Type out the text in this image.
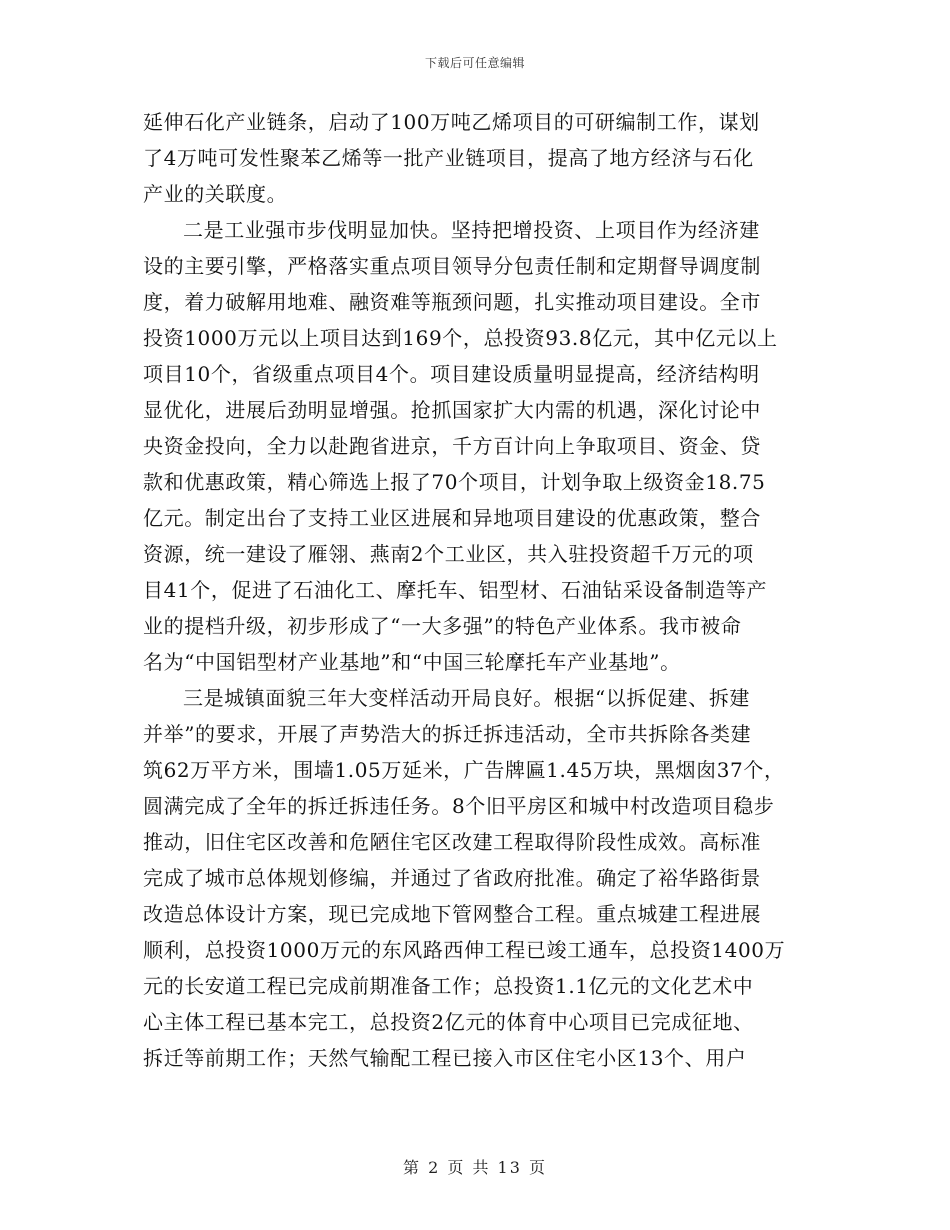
下载后可任意编辑
延伸石化产业链条，启动了100万吨乙烯项目的可研编制工作，谋划
了4万吨可发性聚苯乙烯等一批产业链项目，提高了地方经济与石化
产业的关联度。
二是工业强市步伐明显加快。坚持把增投资、上项目作为经济建
设的主要引擎，严格落实重点项目领导分包责任制和定期督导调度制
度，着力破解用地难、融资难等瓶颈问题，扎实推动项目建设。全市
投资1000万元以上项目达到169个，总投资93.8亿元，其中亿元以上
项目10个，省级重点项目4个。项目建设质量明显提高，经济结构明
显优化，进展后劲明显增强。抢抓国家扩大内需的机遇，深化讨论中
央资金投向，全力以赴跑省进京，千方百计向上争取项目、资金、贷
款和优惠政策，精心筛选上报了70个项目，计划争取上级资金18.75
亿元。制定出台了支持工业区进展和异地项目建设的优惠政策，整合
资源，统一建设了雁翎、燕南2个工业区，共入驻投资超千万元的项
目41个，促进了石油化工、摩托车、铝型材、石油钻采设备制造等产
业的提档升级，初步形成了“一大多强”的特色产业体系。我市被命
名为“中国铝型材产业基地”和“中国三轮摩托车产业基地”。
三是城镇面貌三年大变样活动开局良好。根据“以拆促建、拆建
并举”的要求，开展了声势浩大的拆迁拆违活动，全市共拆除各类建
筑62万平方米，围墙1.05万延米，广告牌匾1.45万块，黑烟囱37个，
圆满完成了全年的拆迁拆违任务。8个旧平房区和城中村改造项目稳步
推动，旧住宅区改善和危陋住宅区改建工程取得阶段性成效。高标准
完成了城市总体规划修编，并通过了省政府批准。确定了裕华路街景
改造总体设计方案，现已完成地下管网整合工程。重点城建工程进展
顺利，总投资1000万元的东风路西伸工程已竣工通车，总投资1400万
元的长安道工程已完成前期准备工作；总投资1.1亿元的文化艺术中
心主体工程已基本完工，总投资2亿元的体育中心项目已完成征地、
拆迁等前期工作；天然气输配工程已接入市区住宅小区13个、用户
第 2 页 共 13 页
